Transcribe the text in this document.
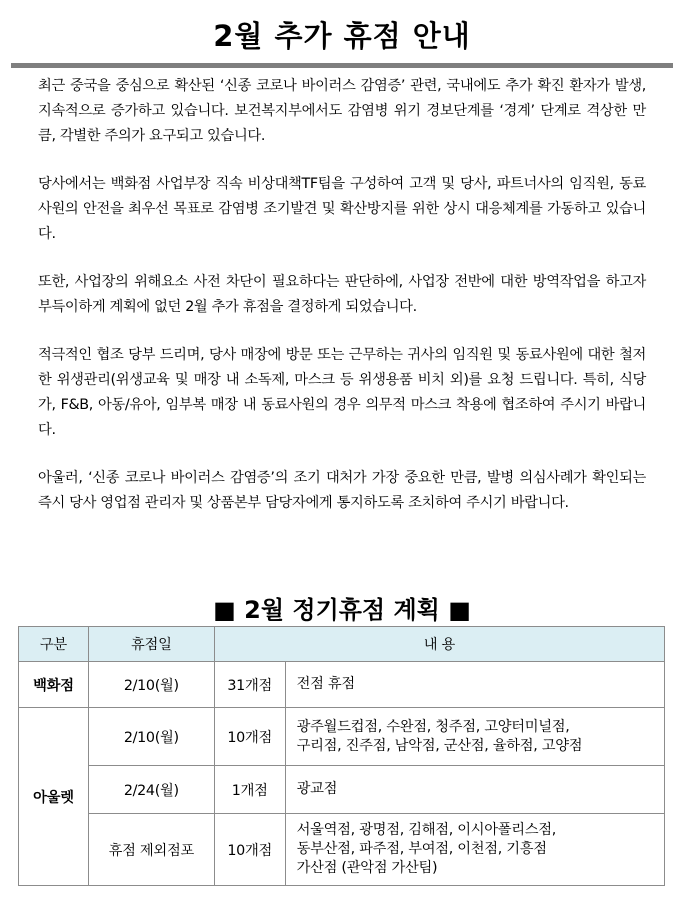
2월 추가 휴점 안내

최근 중국을 중심으로 확산된 ‘신종 코로나 바이러스 감염증’ 관련, 국내에도 추가 확진 환자가 발생, 지속적으로 증가하고 있습니다. 보건복지부에서도 감염병 위기 경보단계를 ‘경계’ 단계로 격상한 만큼, 각별한 주의가 요구되고 있습니다.

당사에서는 백화점 사업부장 직속 비상대책TF팀을 구성하여 고객 및 당사, 파트너사의 임직원, 동료사원의 안전을 최우선 목표로 감염병 조기발견 및 확산방지를 위한 상시 대응체계를 가동하고 있습니다.

또한, 사업장의 위해요소 사전 차단이 필요하다는 판단하에, 사업장 전반에 대한 방역작업을 하고자 부득이하게 계획에 없던 2월 추가 휴점을 결정하게 되었습니다.

적극적인 협조 당부 드리며, 당사 매장에 방문 또는 근무하는 귀사의 임직원 및 동료사원에 대한 철저한 위생관리(위생교육 및 매장 내 소독제, 마스크 등 위생용품 비치 외)를 요청 드립니다. 특히, 식당가, F&B, 아동/유아, 임부복 매장 내 동료사원의 경우 의무적 마스크 착용에 협조하여 주시기 바랍니다.

아울러, ‘신종 코로나 바이러스 감염증’의 조기 대처가 가장 중요한 만큼, 발병 의심사례가 확인되는 즉시 당사 영업점 관리자 및 상품본부 담당자에게 통지하도록 조치하여 주시기 바랍니다.

■ 2월 정기휴점 계획 ■
구분	휴점일	내 용	
백화점	2/10(월)	31개점	전점 휴점

아울렛	2/10(월)	10개점	광주월드컵점, 수완점, 청주점, 고양터미널점,
구리점, 진주점, 남악점, 군산점, 율하점, 고양점

	2/24(월)	1개점	광교점

	휴점 제외점포	10개점	서울역점, 광명점, 김해점, 이시아폴리스점,
동부산점, 파주점, 부여점, 이천점, 기흥점
가산점 (관악점 가산팀)
